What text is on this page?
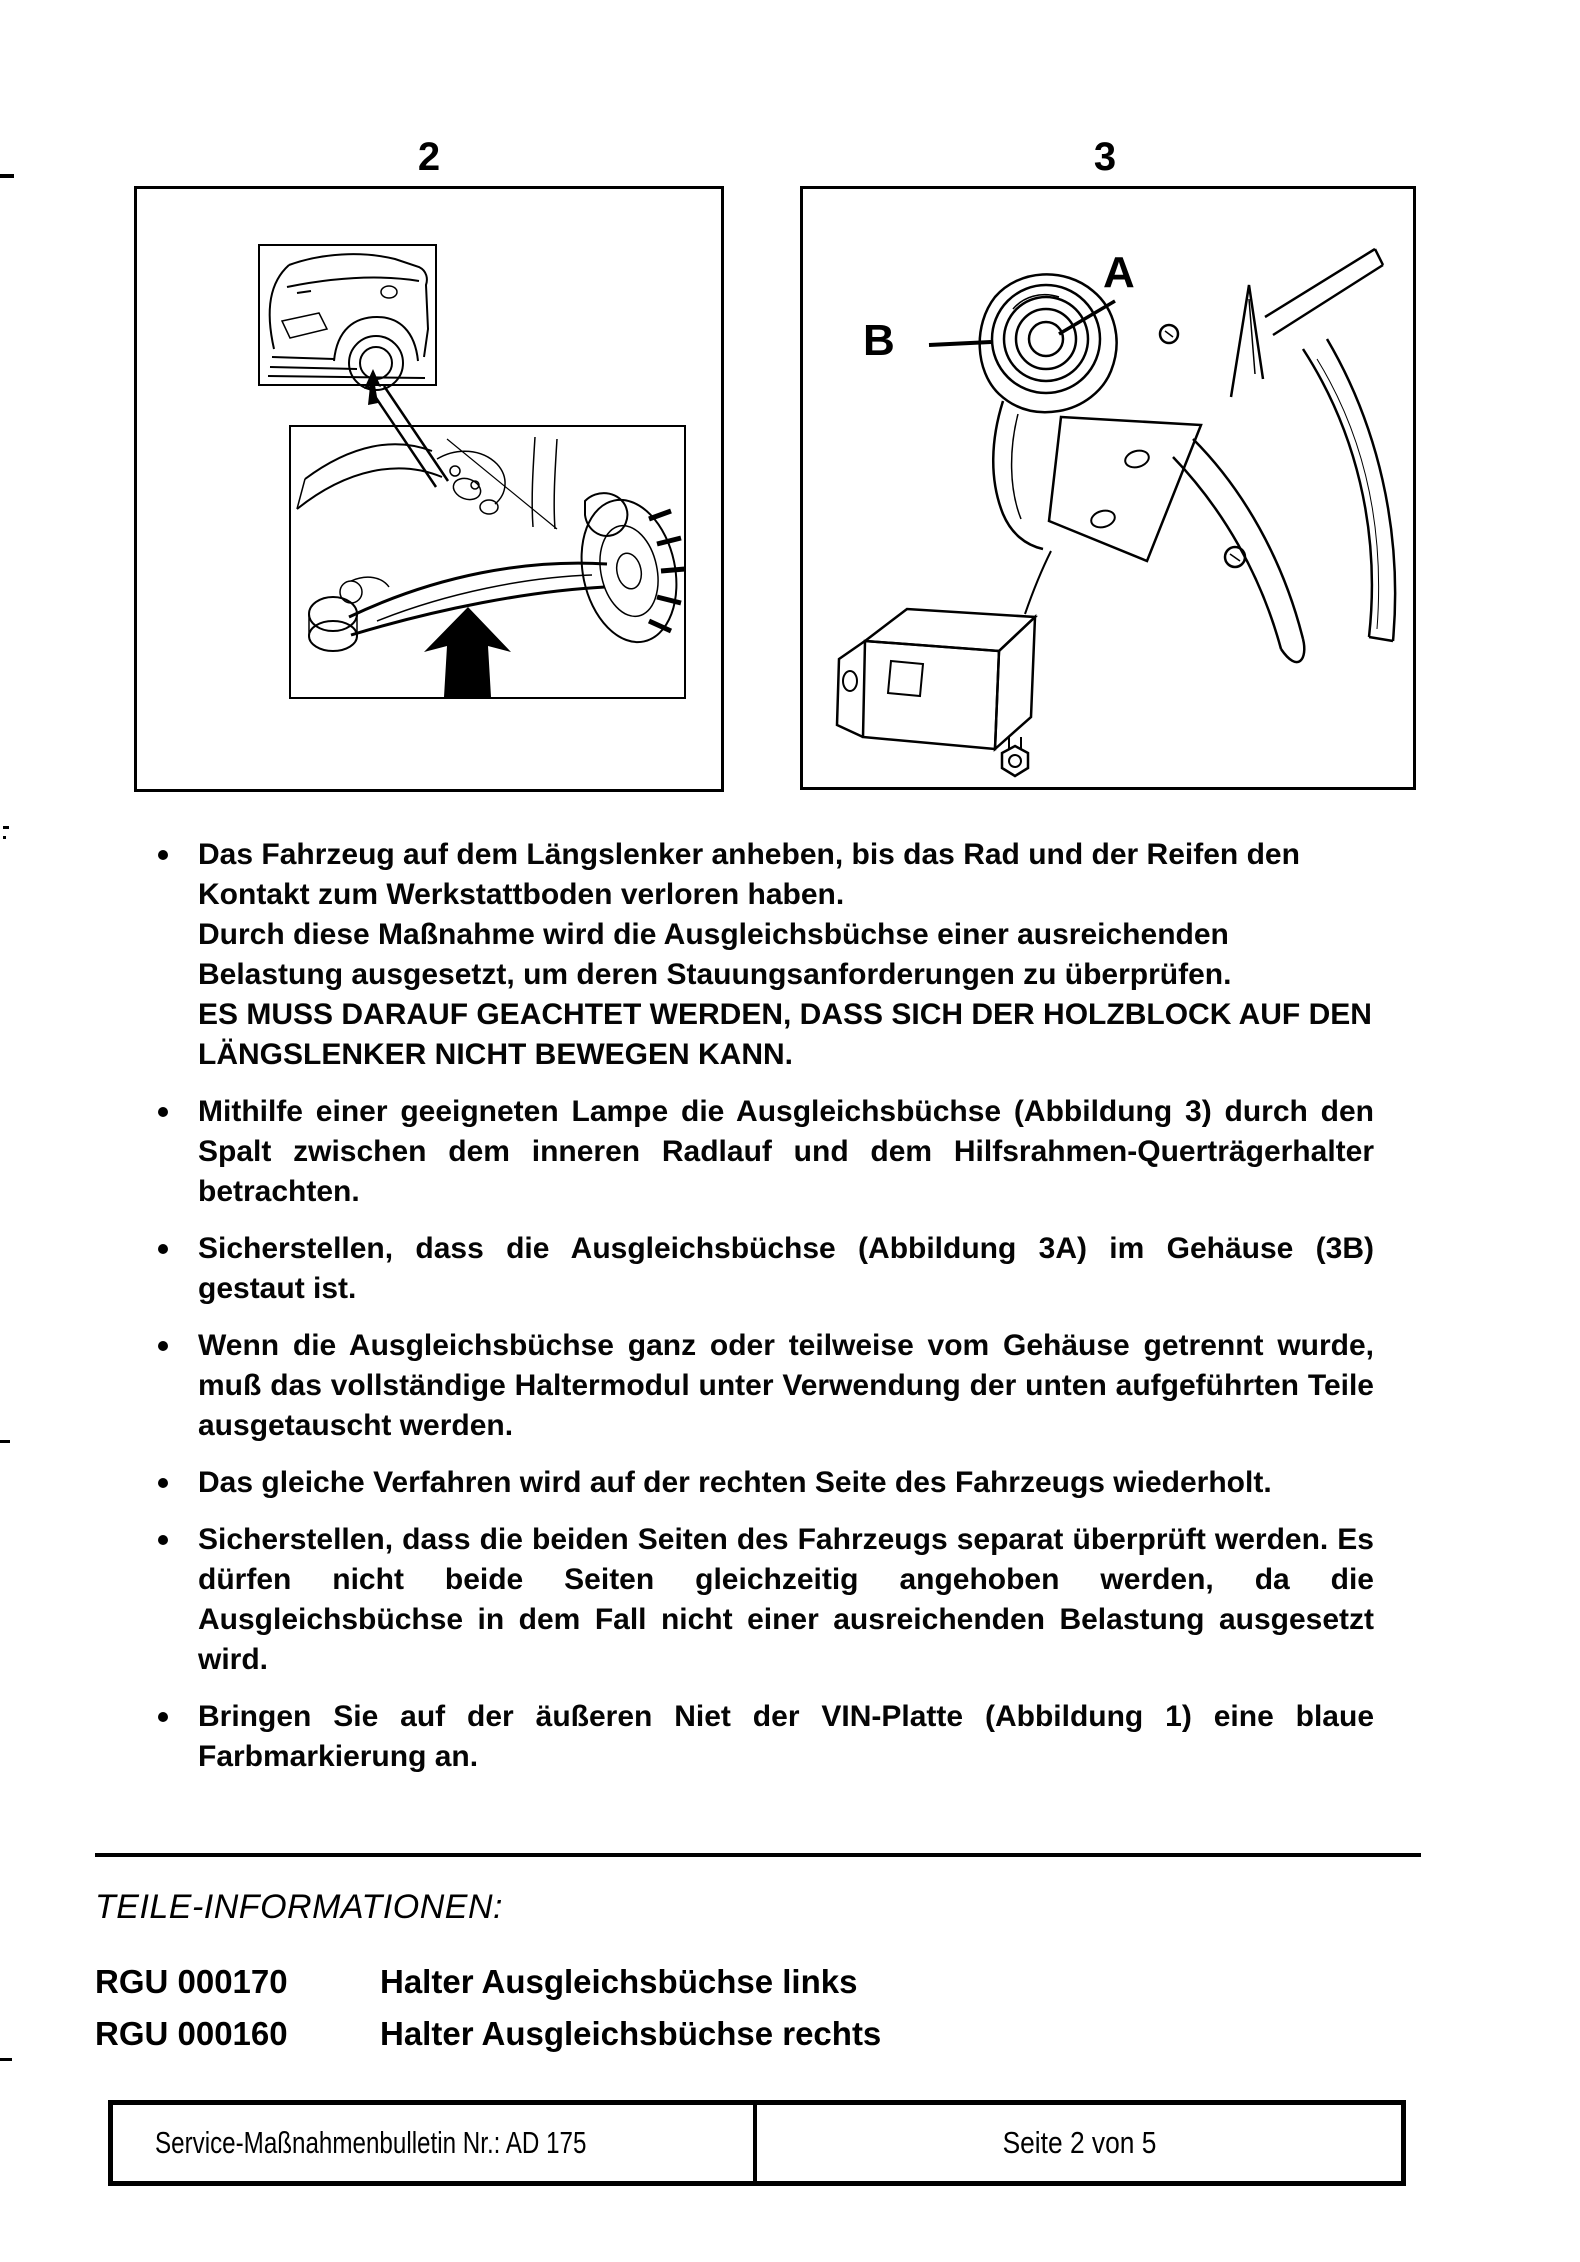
2	3
A
B

Das Fahrzeug auf dem Längslenker anheben, bis das Rad und der Reifen den Kontakt zum Werkstattboden verloren haben.

Durch diese Maßnahme wird die Ausgleichsbüchse einer ausreichenden Belastung ausgesetzt, um deren Stauungsanforderungen zu überprüfen.

ES MUSS DARAUF GEACHTET WERDEN, DASS SICH DER HOLZBLOCK AUF DEN LÄNGSLENKER NICHT BEWEGEN KANN.

Mithilfe einer geeigneten Lampe die Ausgleichsbüchse (Abbildung 3) durch den Spalt zwischen dem inneren Radlauf und dem Hilfsrahmen-Querträgerhalter betrachten.

Sicherstellen, dass die Ausgleichsbüchse (Abbildung 3A) im Gehäuse (3B) gestaut ist.

Wenn die Ausgleichsbüchse ganz oder teilweise vom Gehäuse getrennt wurde, muß das vollständige Haltermodul unter Verwendung der unten aufgeführten Teile ausgetauscht werden.

Das gleiche Verfahren wird auf der rechten Seite des Fahrzeugs wiederholt.

Sicherstellen, dass die beiden Seiten des Fahrzeugs separat überprüft werden. Es dürfen nicht beide Seiten gleichzeitig angehoben werden, da die Ausgleichsbüchse in dem Fall nicht einer ausreichenden Belastung ausgesetzt wird.

Bringen Sie auf der äußeren Niet der VIN-Platte (Abbildung 1) eine blaue Farbmarkierung an.

TEILE-INFORMATIONEN:
RGU 000170	Halter Ausgleichsbüchse links
RGU 000160	Halter Ausgleichsbüchse rechts
Service-Maßnahmenbulletin Nr.: AD 175	Seite 2 von 5
